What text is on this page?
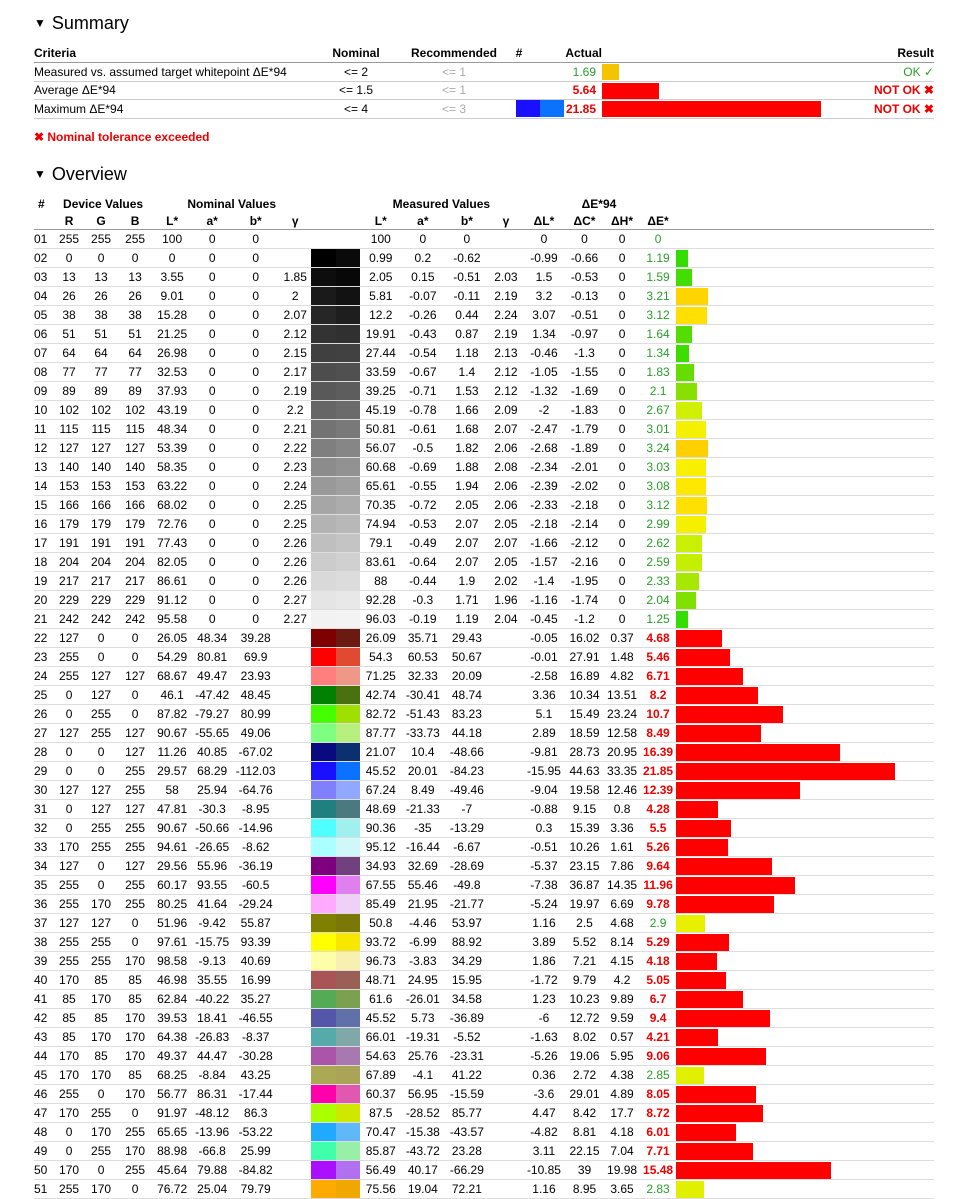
▼ Summary
Criteria	Nominal	Recommended	#	Actual		Result
Measured vs. assumed target whitepoint ΔE*94	<= 2	<= 1		1.69		OK ✓
Average ΔE*94	<= 1.5	<= 1		5.64		NOT OK ✖
Maximum ΔE*94	<= 4	<= 3		21.85		NOT OK ✖
✖ Nominal tolerance exceeded
▼ Overview
#	Device Values			Nominal Values						Measured Values				ΔE*94				
	R	G	B	L*	a*	b*	γ			L*	a*	b*	γ	ΔL*	ΔC*	ΔH*	ΔE*	
01	255	255	255	100	0	0				100	0	0		0	0	0	0	
02	0	0	0	0	0	0				0.99	0.2	-0.62		-0.99	-0.66	0	1.19	

03	13	13	13	3.55	0	0	1.85			2.05	0.15	-0.51	2.03	1.5	-0.53	0	1.59	

04	26	26	26	9.01	0	0	2			5.81	-0.07	-0.11	2.19	3.2	-0.13	0	3.21	

05	38	38	38	15.28	0	0	2.07			12.2	-0.26	0.44	2.24	3.07	-0.51	0	3.12	

06	51	51	51	21.25	0	0	2.12			19.91	-0.43	0.87	2.19	1.34	-0.97	0	1.64	

07	64	64	64	26.98	0	0	2.15			27.44	-0.54	1.18	2.13	-0.46	-1.3	0	1.34	

08	77	77	77	32.53	0	0	2.17			33.59	-0.67	1.4	2.12	-1.05	-1.55	0	1.83	

09	89	89	89	37.93	0	0	2.19			39.25	-0.71	1.53	2.12	-1.32	-1.69	0	2.1	

10	102	102	102	43.19	0	0	2.2			45.19	-0.78	1.66	2.09	-2	-1.83	0	2.67	

11	115	115	115	48.34	0	0	2.21			50.81	-0.61	1.68	2.07	-2.47	-1.79	0	3.01	

12	127	127	127	53.39	0	0	2.22			56.07	-0.5	1.82	2.06	-2.68	-1.89	0	3.24	

13	140	140	140	58.35	0	0	2.23			60.68	-0.69	1.88	2.08	-2.34	-2.01	0	3.03	

14	153	153	153	63.22	0	0	2.24			65.61	-0.55	1.94	2.06	-2.39	-2.02	0	3.08	

15	166	166	166	68.02	0	0	2.25			70.35	-0.72	2.05	2.06	-2.33	-2.18	0	3.12	

16	179	179	179	72.76	0	0	2.25			74.94	-0.53	2.07	2.05	-2.18	-2.14	0	2.99	

17	191	191	191	77.43	0	0	2.26			79.1	-0.49	2.07	2.07	-1.66	-2.12	0	2.62	

18	204	204	204	82.05	0	0	2.26			83.61	-0.64	2.07	2.05	-1.57	-2.16	0	2.59	

19	217	217	217	86.61	0	0	2.26			88	-0.44	1.9	2.02	-1.4	-1.95	0	2.33	

20	229	229	229	91.12	0	0	2.27			92.28	-0.3	1.71	1.96	-1.16	-1.74	0	2.04	

21	242	242	242	95.58	0	0	2.27			96.03	-0.19	1.19	2.04	-0.45	-1.2	0	1.25	

22	127	0	0	26.05	48.34	39.28				26.09	35.71	29.43		-0.05	16.02	0.37	4.68	

23	255	0	0	54.29	80.81	69.9				54.3	60.53	50.67		-0.01	27.91	1.48	5.46	

24	255	127	127	68.67	49.47	23.93				71.25	32.33	20.09		-2.58	16.89	4.82	6.71	

25	0	127	0	46.1	-47.42	48.45				42.74	-30.41	48.74		3.36	10.34	13.51	8.2	

26	0	255	0	87.82	-79.27	80.99				82.72	-51.43	83.23		5.1	15.49	23.24	10.7	

27	127	255	127	90.67	-55.65	49.06				87.77	-33.73	44.18		2.89	18.59	12.58	8.49	

28	0	0	127	11.26	40.85	-67.02				21.07	10.4	-48.66		-9.81	28.73	20.95	16.39	

29	0	0	255	29.57	68.29	-112.03				45.52	20.01	-84.23		-15.95	44.63	33.35	21.85	

30	127	127	255	58	25.94	-64.76				67.24	8.49	-49.46		-9.04	19.58	12.46	12.39	

31	0	127	127	47.81	-30.3	-8.95				48.69	-21.33	-7		-0.88	9.15	0.8	4.28	

32	0	255	255	90.67	-50.66	-14.96				90.36	-35	-13.29		0.3	15.39	3.36	5.5	

33	170	255	255	94.61	-26.65	-8.62				95.12	-16.44	-6.67		-0.51	10.26	1.61	5.26	

34	127	0	127	29.56	55.96	-36.19				34.93	32.69	-28.69		-5.37	23.15	7.86	9.64	

35	255	0	255	60.17	93.55	-60.5				67.55	55.46	-49.8		-7.38	36.87	14.35	11.96	

36	255	170	255	80.25	41.64	-29.24				85.49	21.95	-21.77		-5.24	19.97	6.69	9.78	

37	127	127	0	51.96	-9.42	55.87				50.8	-4.46	53.97		1.16	2.5	4.68	2.9	

38	255	255	0	97.61	-15.75	93.39				93.72	-6.99	88.92		3.89	5.52	8.14	5.29	

39	255	255	170	98.58	-9.13	40.69				96.73	-3.83	34.29		1.86	7.21	4.15	4.18	

40	170	85	85	46.98	35.55	16.99				48.71	24.95	15.95		-1.72	9.79	4.2	5.05	

41	85	170	85	62.84	-40.22	35.27				61.6	-26.01	34.58		1.23	10.23	9.89	6.7	

42	85	85	170	39.53	18.41	-46.55				45.52	5.73	-36.89		-6	12.72	9.59	9.4	

43	85	170	170	64.38	-26.83	-8.37				66.01	-19.31	-5.52		-1.63	8.02	0.57	4.21	

44	170	85	170	49.37	44.47	-30.28				54.63	25.76	-23.31		-5.26	19.06	5.95	9.06	

45	170	170	85	68.25	-8.84	43.25				67.89	-4.1	41.22		0.36	2.72	4.38	2.85	

46	255	0	170	56.77	86.31	-17.44				60.37	56.95	-15.59		-3.6	29.01	4.89	8.05	

47	170	255	0	91.97	-48.12	86.3				87.5	-28.52	85.77		4.47	8.42	17.7	8.72	

48	0	170	255	65.65	-13.96	-53.22				70.47	-15.38	-43.57		-4.82	8.81	4.18	6.01	

49	0	255	170	88.98	-66.8	25.99				85.87	-43.72	23.28		3.11	22.15	7.04	7.71	

50	170	0	255	45.64	79.88	-84.82				56.49	40.17	-66.29		-10.85	39	19.98	15.48	

51	255	170	0	76.72	25.04	79.79				75.56	19.04	72.21		1.16	8.95	3.65	2.83	
